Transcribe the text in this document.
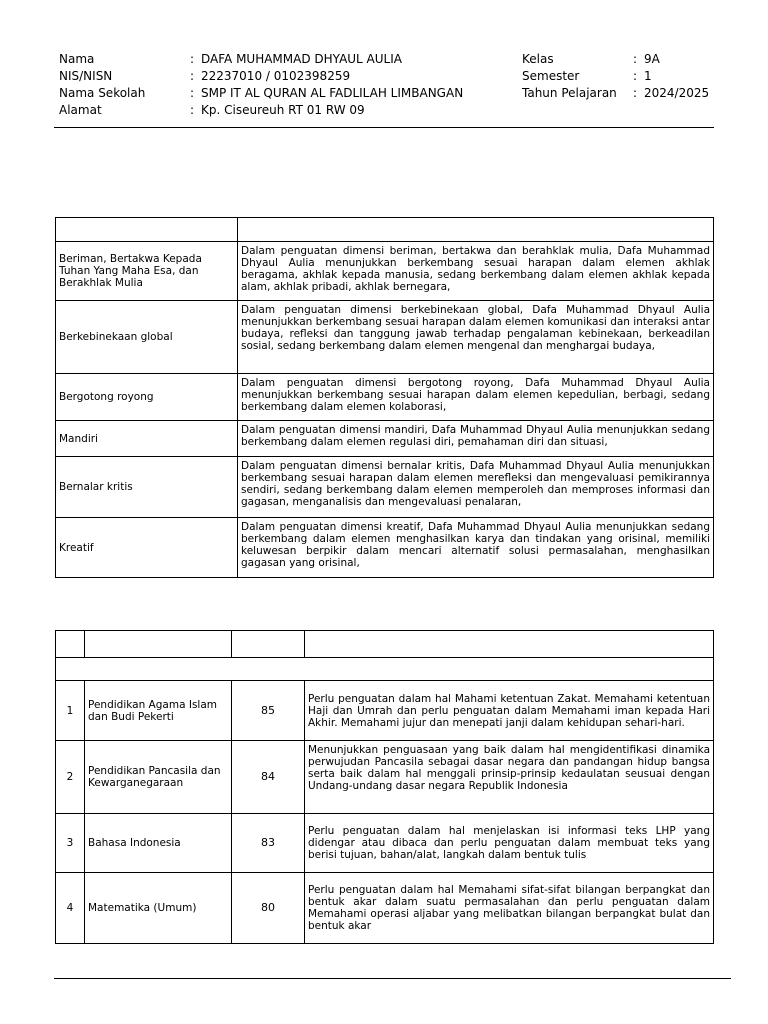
Nama	: DAFA MUHAMMAD DHYAUL AULIA
NIS/NISN	: 22237010 / 0102398259
Nama Sekolah	: SMP IT AL QURAN AL FADLILAH LIMBANGAN
Alamat	: Kp. Ciseureuh RT 01 RW 09
Kelas	: 9A
Semester	: 1
Tahun Pelajaran	: 2024/2025

Beriman, Bertakwa Kepada Tuhan Yang Maha Esa, dan Berakhlak Mulia	Dalam penguatan dimensi beriman, bertakwa dan berahklak mulia, Dafa Muhammad Dhyaul Aulia menunjukkan berkembang sesuai harapan dalam elemen akhlak beragama, akhlak kepada manusia, sedang berkembang dalam elemen akhlak kepada alam, akhlak pribadi, akhlak bernegara,
Berkebinekaan global	Dalam penguatan dimensi berkebinekaan global, Dafa Muhammad Dhyaul Aulia menunjukkan berkembang sesuai harapan dalam elemen komunikasi dan interaksi antar budaya, refleksi dan tanggung jawab terhadap pengalaman kebinekaan, berkeadilan sosial, sedang berkembang dalam elemen mengenal dan menghargai budaya,
Bergotong royong	Dalam penguatan dimensi bergotong royong, Dafa Muhammad Dhyaul Aulia menunjukkan berkembang sesuai harapan dalam elemen kepedulian, berbagi, sedang berkembang dalam elemen kolaborasi,
Mandiri	Dalam penguatan dimensi mandiri, Dafa Muhammad Dhyaul Aulia menunjukkan sedang berkembang dalam elemen regulasi diri, pemahaman diri dan situasi,
Bernalar kritis	Dalam penguatan dimensi bernalar kritis, Dafa Muhammad Dhyaul Aulia menunjukkan berkembang sesuai harapan dalam elemen merefleksi dan mengevaluasi pemikirannya sendiri, sedang berkembang dalam elemen memperoleh dan memproses informasi dan gagasan, menganalisis dan mengevaluasi penalaran,
Kreatif	Dalam penguatan dimensi kreatif, Dafa Muhammad Dhyaul Aulia menunjukkan sedang berkembang dalam elemen menghasilkan karya dan tindakan yang orisinal, memiliki keluwesan berpikir dalam mencari alternatif solusi permasalahan, menghasilkan gagasan yang orisinal,

1	Pendidikan Agama Islam dan Budi Pekerti	85	Perlu penguatan dalam hal Mahami ketentuan Zakat. Memahami ketentuan Haji dan Umrah dan perlu penguatan dalam Memahami iman kepada Hari Akhir. Memahami jujur dan menepati janji dalam kehidupan sehari-hari.
2	Pendidikan Pancasila dan Kewarganegaraan	84	Menunjukkan penguasaan yang baik dalam hal mengidentifikasi dinamika perwujudan Pancasila sebagai dasar negara dan pandangan hidup bangsa serta baik dalam hal menggali prinsip-prinsip kedaulatan seusuai dengan Undang-undang dasar negara Republik Indonesia
3	Bahasa Indonesia	83	Perlu penguatan dalam hal menjelaskan isi informasi teks LHP yang didengar atau dibaca dan perlu penguatan dalam membuat teks yang berisi tujuan, bahan/alat, langkah dalam bentuk tulis
4	Matematika (Umum)	80	Perlu penguatan dalam hal Memahami sifat-sifat bilangan berpangkat dan bentuk akar dalam suatu permasalahan dan perlu penguatan dalam Memahami operasi aljabar yang melibatkan bilangan berpangkat bulat dan bentuk akar
